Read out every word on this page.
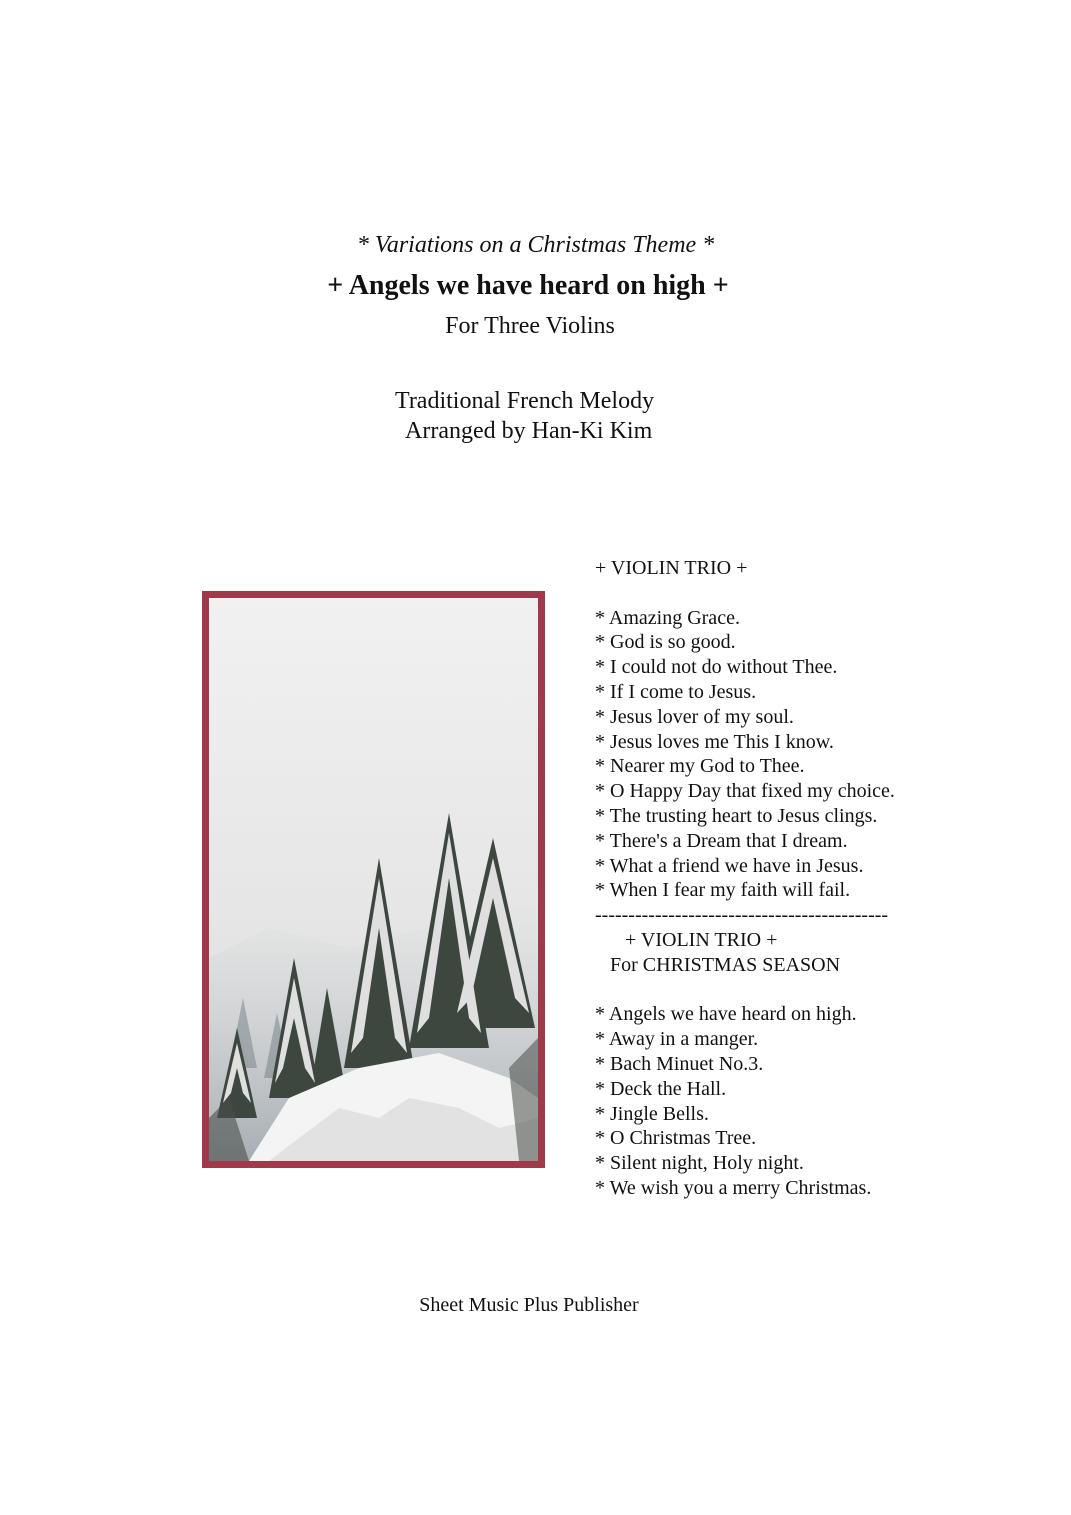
* Variations on a Christmas Theme *
+ Angels we have heard on high +
For Three Violins
Traditional French Melody
Arranged by Han-Ki Kim
+ VIOLIN TRIO +
* Amazing Grace.
* God is so good.
* I could not do without Thee.
* If I come to Jesus.
* Jesus lover of my soul.
* Jesus loves me This I know.
* Nearer my God to Thee.
* O Happy Day that fixed my choice.
* The trusting heart to Jesus clings.
* There's a Dream that I dream.
* What a friend we have in Jesus.
* When I fear my faith will fail.
--------------------------------------------
+ VIOLIN TRIO +
For CHRISTMAS SEASON
* Angels we have heard on high.
* Away in a manger.
* Bach Minuet No.3.
* Deck the Hall.
* Jingle Bells.
* O Christmas Tree.
* Silent night, Holy night.
* We wish you a merry Christmas.
Sheet Music Plus Publisher
